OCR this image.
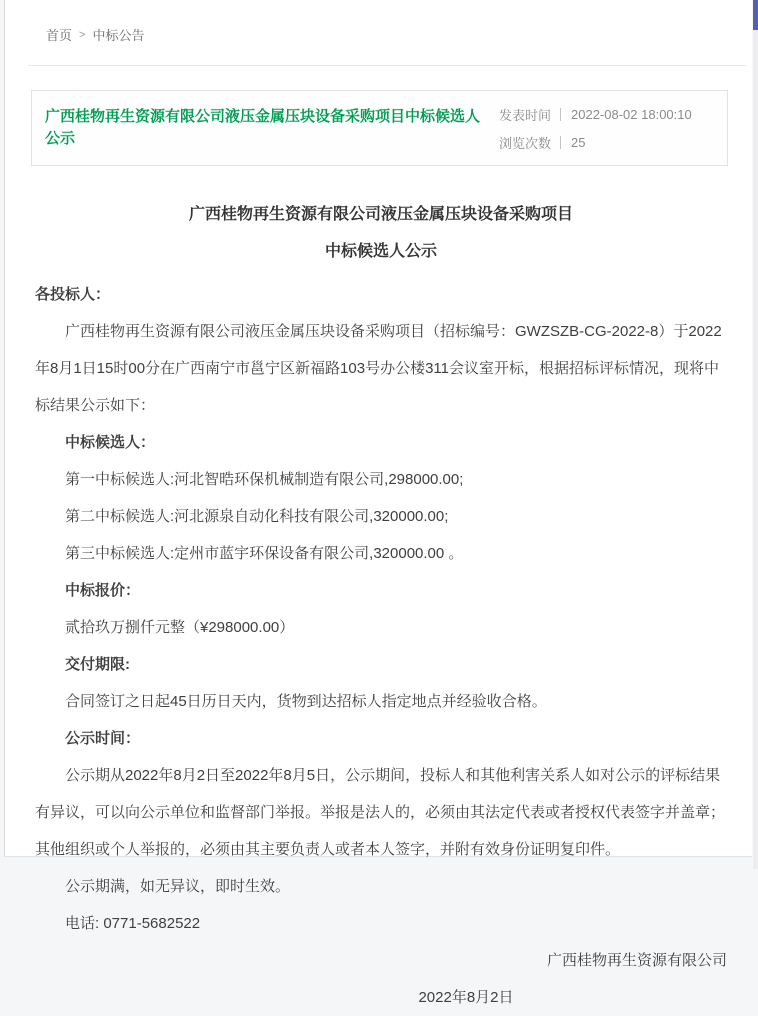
首页 > 中标公告
广西桂物再生资源有限公司液压金属压块设备采购项目中标候选人公示
发表时间 2022-08-02 18:00:10
浏览次数 25

广西桂物再生资源有限公司液压金属压块设备采购项目

中标候选人公示

各投标人：

广西桂物再生资源有限公司液压金属压块设备采购项目（招标编号：GWZSZB-CG-2022-8）于2022年8月1日15时00分在广西南宁市邕宁区新福路103号办公楼311会议室开标，根据招标评标情况，现将中标结果公示如下：

中标候选人：

第一中标候选人:河北智晧环保机械制造有限公司,298000.00;

第二中标候选人:河北源泉自动化科技有限公司,320000.00;

第三中标候选人:定州市蓝宇环保设备有限公司,320000.00 。

中标报价：

贰拾玖万捌仟元整（¥298000.00）

交付期限:

合同签订之日起45日历日天内，货物到达招标人指定地点并经验收合格。

公示时间：

公示期从2022年8月2日至2022年8月5日，公示期间，投标人和其他利害关系人如对公示的评标结果有异议，可以向公示单位和监督部门举报。举报是法人的，必须由其法定代表或者授权代表签字并盖章；其他组织或个人举报的，必须由其主要负责人或者本人签字，并附有效身份证明复印件。

公示期满，如无异议，即时生效。

电话: 0771-5682522

广西桂物再生资源有限公司

2022年8月2日
